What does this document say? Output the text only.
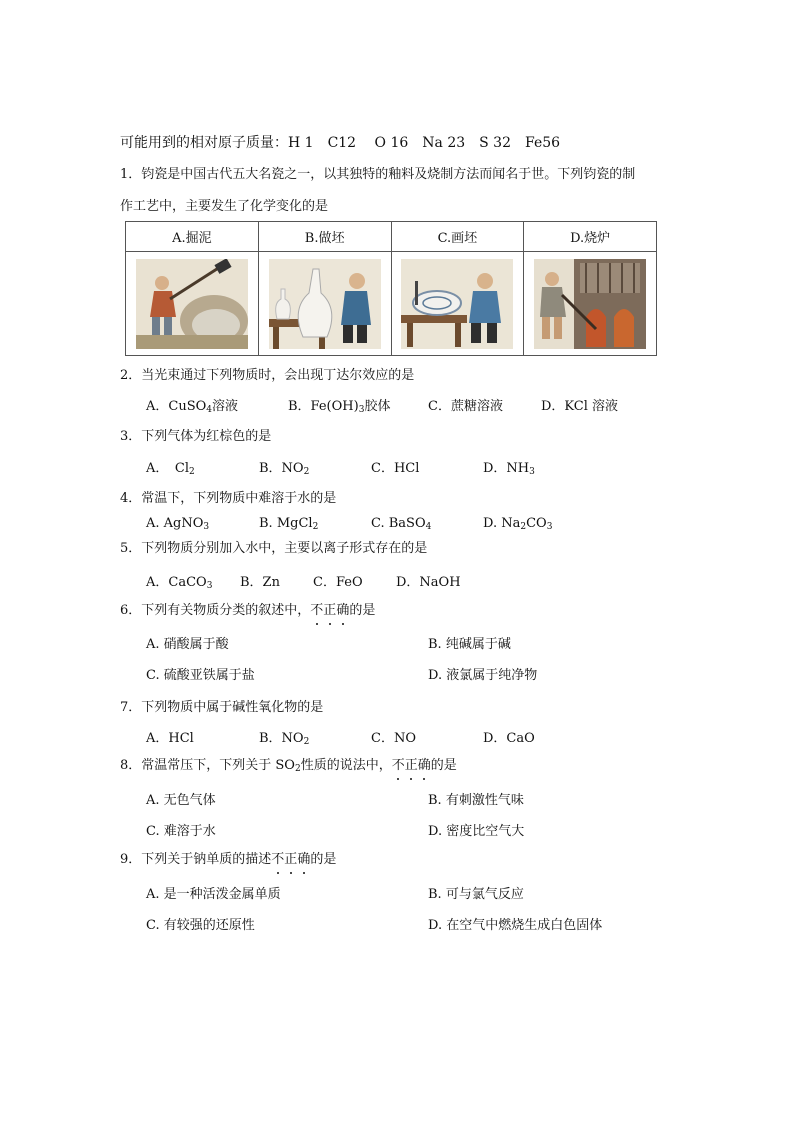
可能用到的相对原子质量：H 1　C12　 O 16　Na 23　S 32　Fe56
1．钧瓷是中国古代五大名瓷之一，以其独特的釉料及烧制方法而闻名于世。下列钧瓷的制
作工艺中，主要发生了化学变化的是
A.掘泥	B.做坯	C.画坯	D.烧炉

2．当光束通过下列物质时，会出现丁达尔效应的是
A．CuSO$_4$溶液	B．$Fe(OH)_3$胶体	C．蔗糖溶液	D．KCl 溶液
3．下列气体为红棕色的是
A．　$Cl_2$	B．$NO_2$	C．HCl	D．$NH_3$
4．常温下，下列物质中难溶于水的是
A. AgNO$_3$	B. MgCl$_2$	C. BaSO$_4$	D. $Na_2CO_3$
5．下列物质分别加入水中，主要以离子形式存在的是
A．CaCO$_3$ B．Zn	C．FeO	D．NaOH
6．下列有关物质分类的叙述中，不正确的是
A. 硝酸属于酸	B. 纯碱属于碱
C. 硫酸亚铁属于盐	D. 液氯属于纯净物
7．下列物质中属于碱性氧化物的是
A．HCl	B．$NO_2$	C．NO	D．CaO
8．常温常压下，下列关于 $SO_2$性质的说法中，不正确的是
A. 无色气体	B. 有刺激性气味
C. 难溶于水	D. 密度比空气大
9．下列关于钠单质的描述不正确的是
A. 是一种活泼金属单质	B. 可与氯气反应
C. 有较强的还原性	D. 在空气中燃烧生成白色固体
